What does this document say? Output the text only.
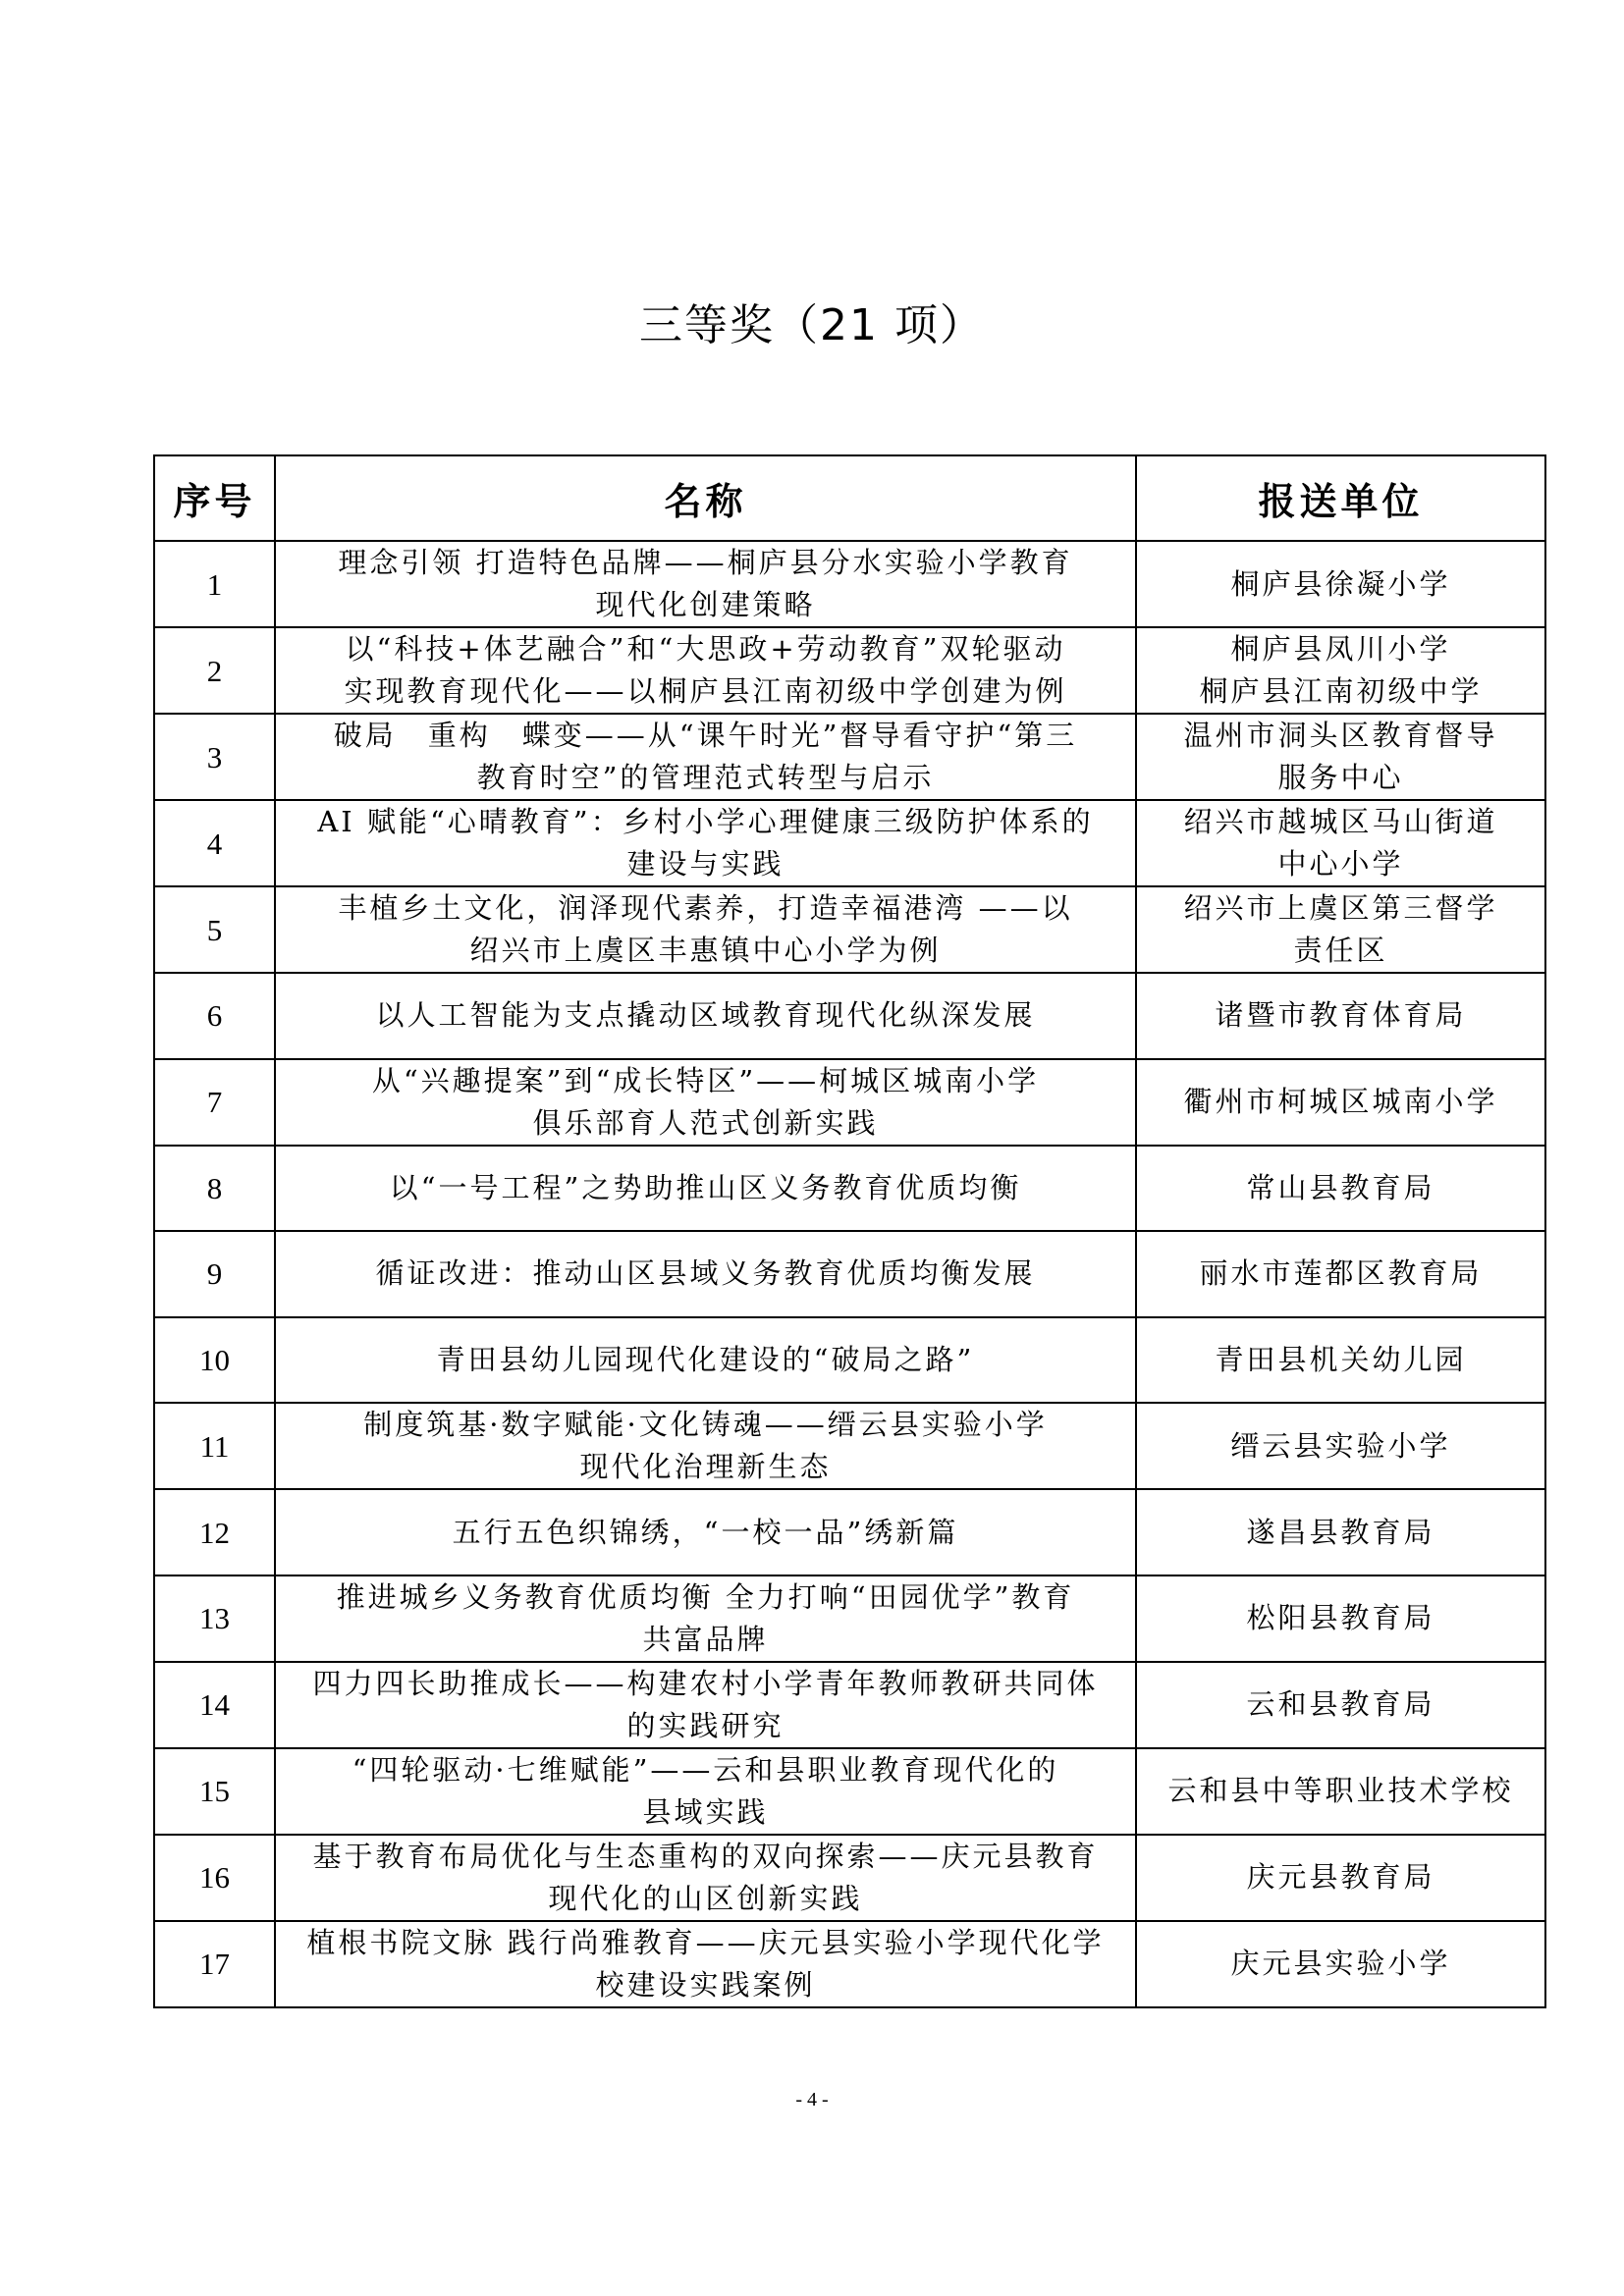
三等奖（21 项）
序号	名称	报送单位
1	理念引领 打造特色品牌——桐庐县分水实验小学教育
现代化创建策略	桐庐县徐凝小学

2	以“科技+体艺融合”和“大思政+劳动教育”双轮驱动
实现教育现代化——以桐庐县江南初级中学创建为例	桐庐县凤川小学
桐庐县江南初级中学

3	破局　重构　蝶变——从“课午时光”督导看守护“第三
教育时空”的管理范式转型与启示	温州市洞头区教育督导
服务中心

4	AI 赋能“心晴教育”：乡村小学心理健康三级防护体系的
建设与实践	绍兴市越城区马山街道
中心小学

5	丰植乡土文化，润泽现代素养，打造幸福港湾 ——以
绍兴市上虞区丰惠镇中心小学为例	绍兴市上虞区第三督学
责任区

6	以人工智能为支点撬动区域教育现代化纵深发展	诸暨市教育体育局

7	从“兴趣提案”到“成长特区”——柯城区城南小学
俱乐部育人范式创新实践	衢州市柯城区城南小学

8	以“一号工程”之势助推山区义务教育优质均衡	常山县教育局

9	循证改进：推动山区县域义务教育优质均衡发展	丽水市莲都区教育局

10	青田县幼儿园现代化建设的“破局之路”	青田县机关幼儿园

11	制度筑基·数字赋能·文化铸魂——缙云县实验小学
现代化治理新生态	缙云县实验小学

12	五行五色织锦绣，“一校一品”绣新篇	遂昌县教育局

13	推进城乡义务教育优质均衡 全力打响“田园优学”教育
共富品牌	松阳县教育局

14	四力四长助推成长——构建农村小学青年教师教研共同体
的实践研究	云和县教育局

15	“四轮驱动·七维赋能”——云和县职业教育现代化的
县域实践	云和县中等职业技术学校

16	基于教育布局优化与生态重构的双向探索——庆元县教育
现代化的山区创新实践	庆元县教育局

17	植根书院文脉 践行尚雅教育——庆元县实验小学现代化学
校建设实践案例	庆元县实验小学
- 4 -
